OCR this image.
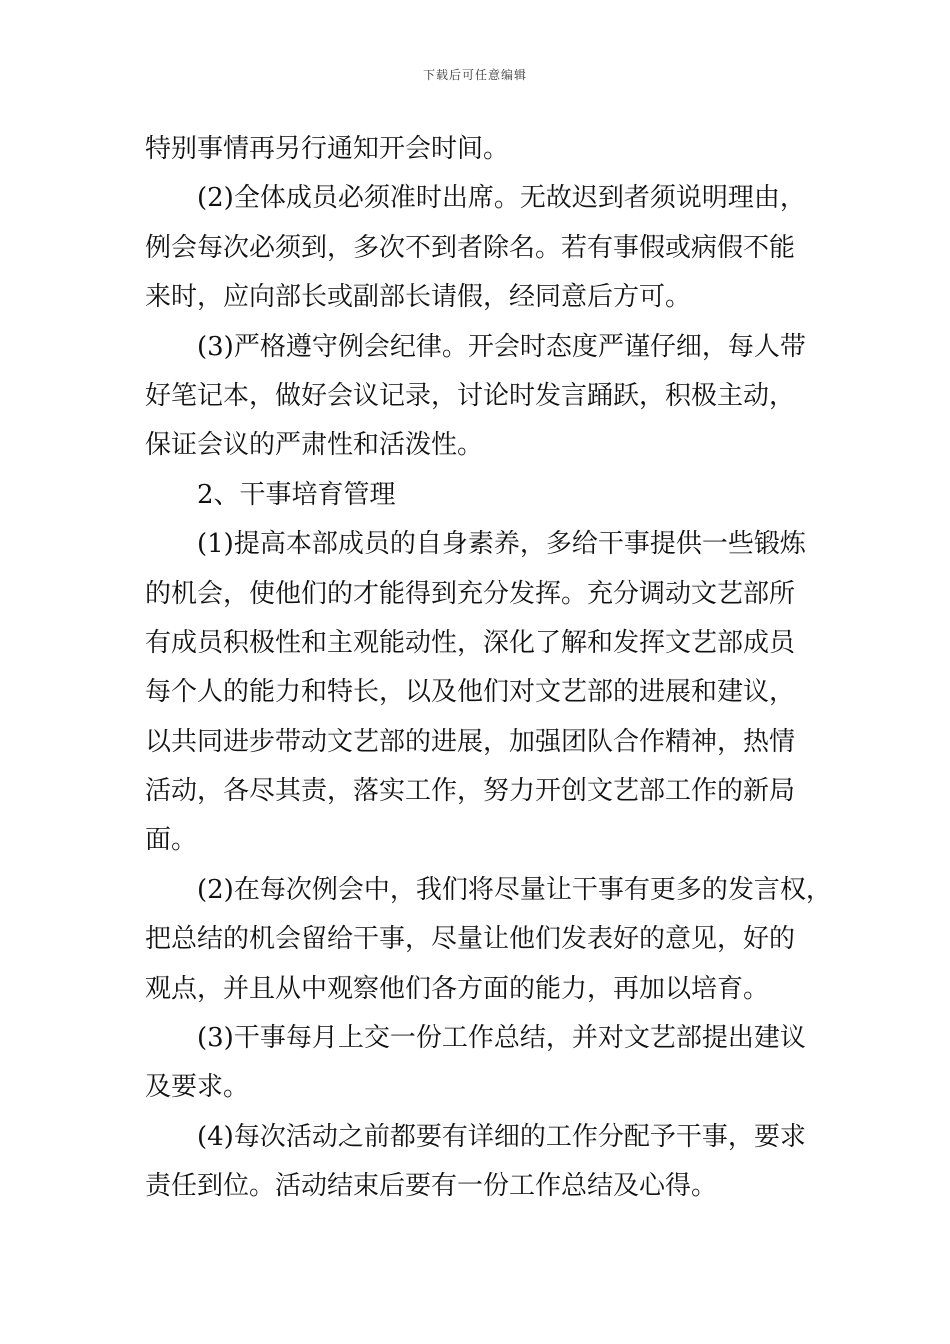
下载后可任意编辑
特别事情再另行通知开会时间。
(2)全体成员必须准时出席。无故迟到者须说明理由，
例会每次必须到，多次不到者除名。若有事假或病假不能
来时，应向部长或副部长请假，经同意后方可。
(3)严格遵守例会纪律。开会时态度严谨仔细，每人带
好笔记本，做好会议记录，讨论时发言踊跃，积极主动，
保证会议的严肃性和活泼性。
2、干事培育管理
(1)提高本部成员的自身素养，多给干事提供一些锻炼
的机会，使他们的才能得到充分发挥。充分调动文艺部所
有成员积极性和主观能动性，深化了解和发挥文艺部成员
每个人的能力和特长，以及他们对文艺部的进展和建议，
以共同进步带动文艺部的进展，加强团队合作精神，热情
活动，各尽其责，落实工作，努力开创文艺部工作的新局
面。
(2)在每次例会中，我们将尽量让干事有更多的发言权，
把总结的机会留给干事，尽量让他们发表好的意见，好的
观点，并且从中观察他们各方面的能力，再加以培育。
(3)干事每月上交一份工作总结，并对文艺部提出建议
及要求。
(4)每次活动之前都要有详细的工作分配予干事，要求
责任到位。活动结束后要有一份工作总结及心得。
